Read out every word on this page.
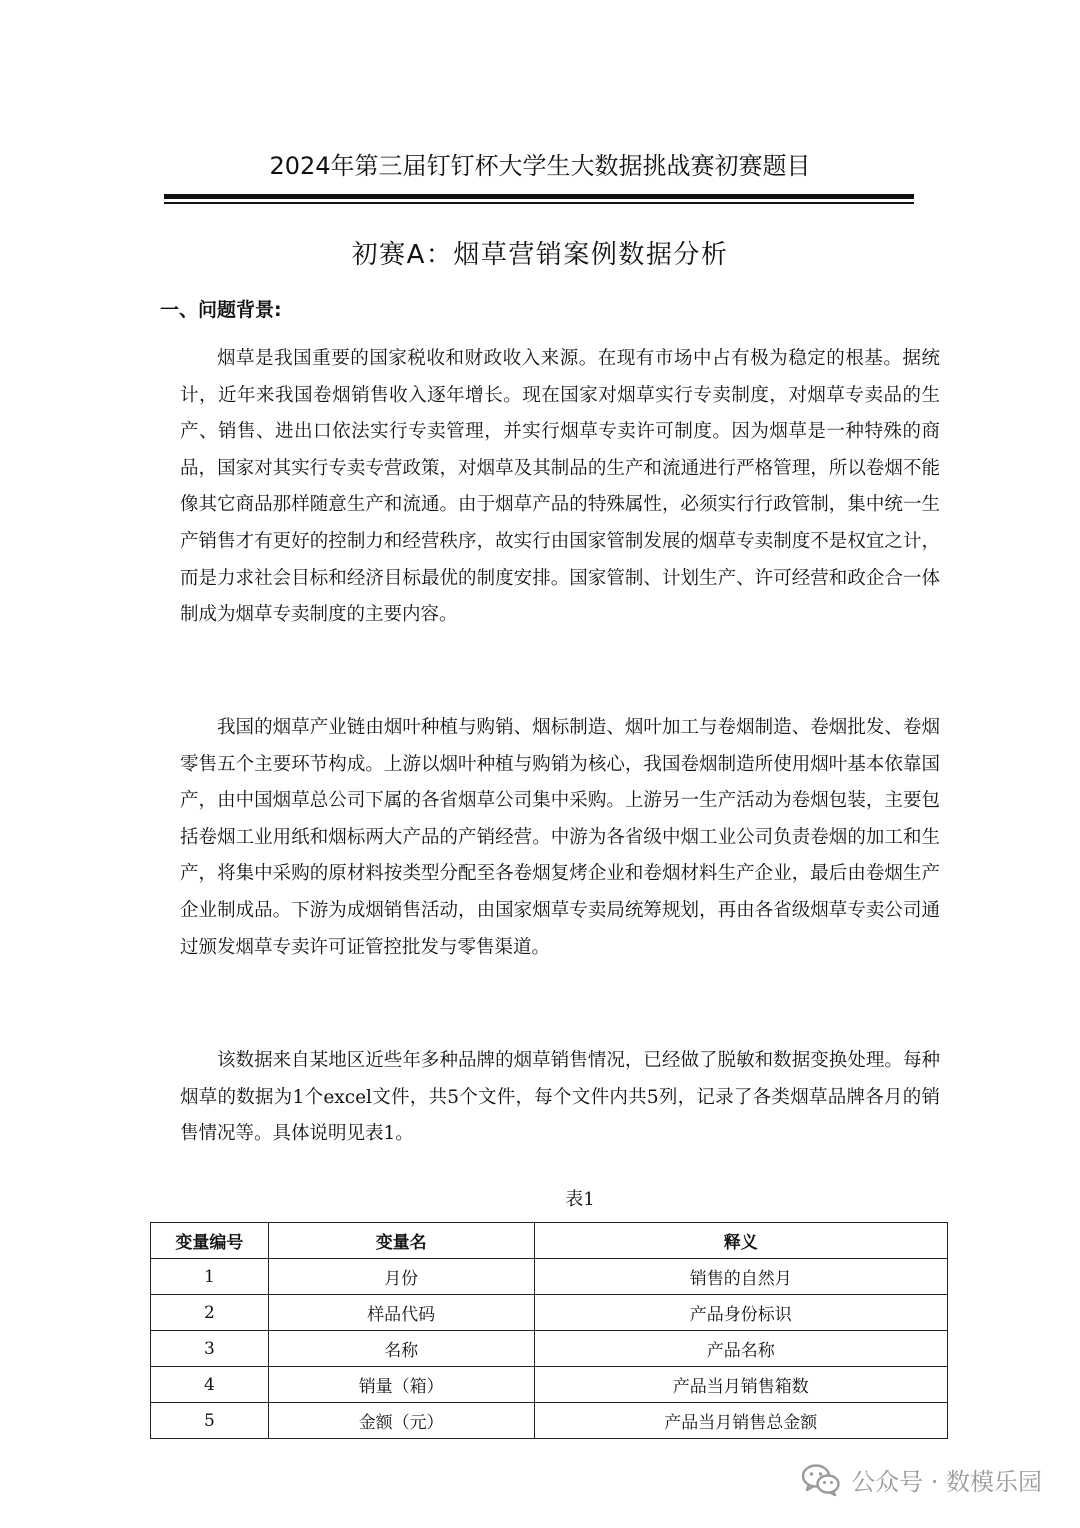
2024年第三届钉钉杯大学生大数据挑战赛初赛题目
初赛A：烟草营销案例数据分析
一、问题背景:

烟草是我国重要的国家税收和财政收入来源。在现有市场中占有极为稳定的根基。据统计，近年来我国卷烟销售收入逐年增长。现在国家对烟草实行专卖制度，对烟草专卖品的生产、销售、进出口依法实行专卖管理，并实行烟草专卖许可制度。因为烟草是一种特殊的商品，国家对其实行专卖专营政策，对烟草及其制品的生产和流通进行严格管理，所以卷烟不能像其它商品那样随意生产和流通。由于烟草产品的特殊属性，必须实行行政管制，集中统一生产销售才有更好的控制力和经营秩序，故实行由国家管制发展的烟草专卖制度不是权宜之计，而是力求社会目标和经济目标最优的制度安排。国家管制、计划生产、许可经营和政企合一体制成为烟草专卖制度的主要内容。

我国的烟草产业链由烟叶种植与购销、烟标制造、烟叶加工与卷烟制造、卷烟批发、卷烟零售五个主要环节构成。上游以烟叶种植与购销为核心，我国卷烟制造所使用烟叶基本依靠国产，由中国烟草总公司下属的各省烟草公司集中采购。上游另一生产活动为卷烟包装，主要包括卷烟工业用纸和烟标两大产品的产销经营。中游为各省级中烟工业公司负责卷烟的加工和生产，将集中采购的原材料按类型分配至各卷烟复烤企业和卷烟材料生产企业，最后由卷烟生产企业制成品。下游为成烟销售活动，由国家烟草专卖局统筹规划，再由各省级烟草专卖公司通过颁发烟草专卖许可证管控批发与零售渠道。

该数据来自某地区近些年多种品牌的烟草销售情况，已经做了脱敏和数据变换处理。每种烟草的数据为1个excel文件，共5个文件，每个文件内共5列，记录了各类烟草品牌各月的销售情况等。具体说明见表1。

表1
变量编号	变量名	释义
1	月份	销售的自然月
2	样品代码	产品身份标识
3	名称	产品名称
4	销量（箱）	产品当月销售箱数
5	金额（元）	产品当月销售总金额
公众号 · 数模乐园
